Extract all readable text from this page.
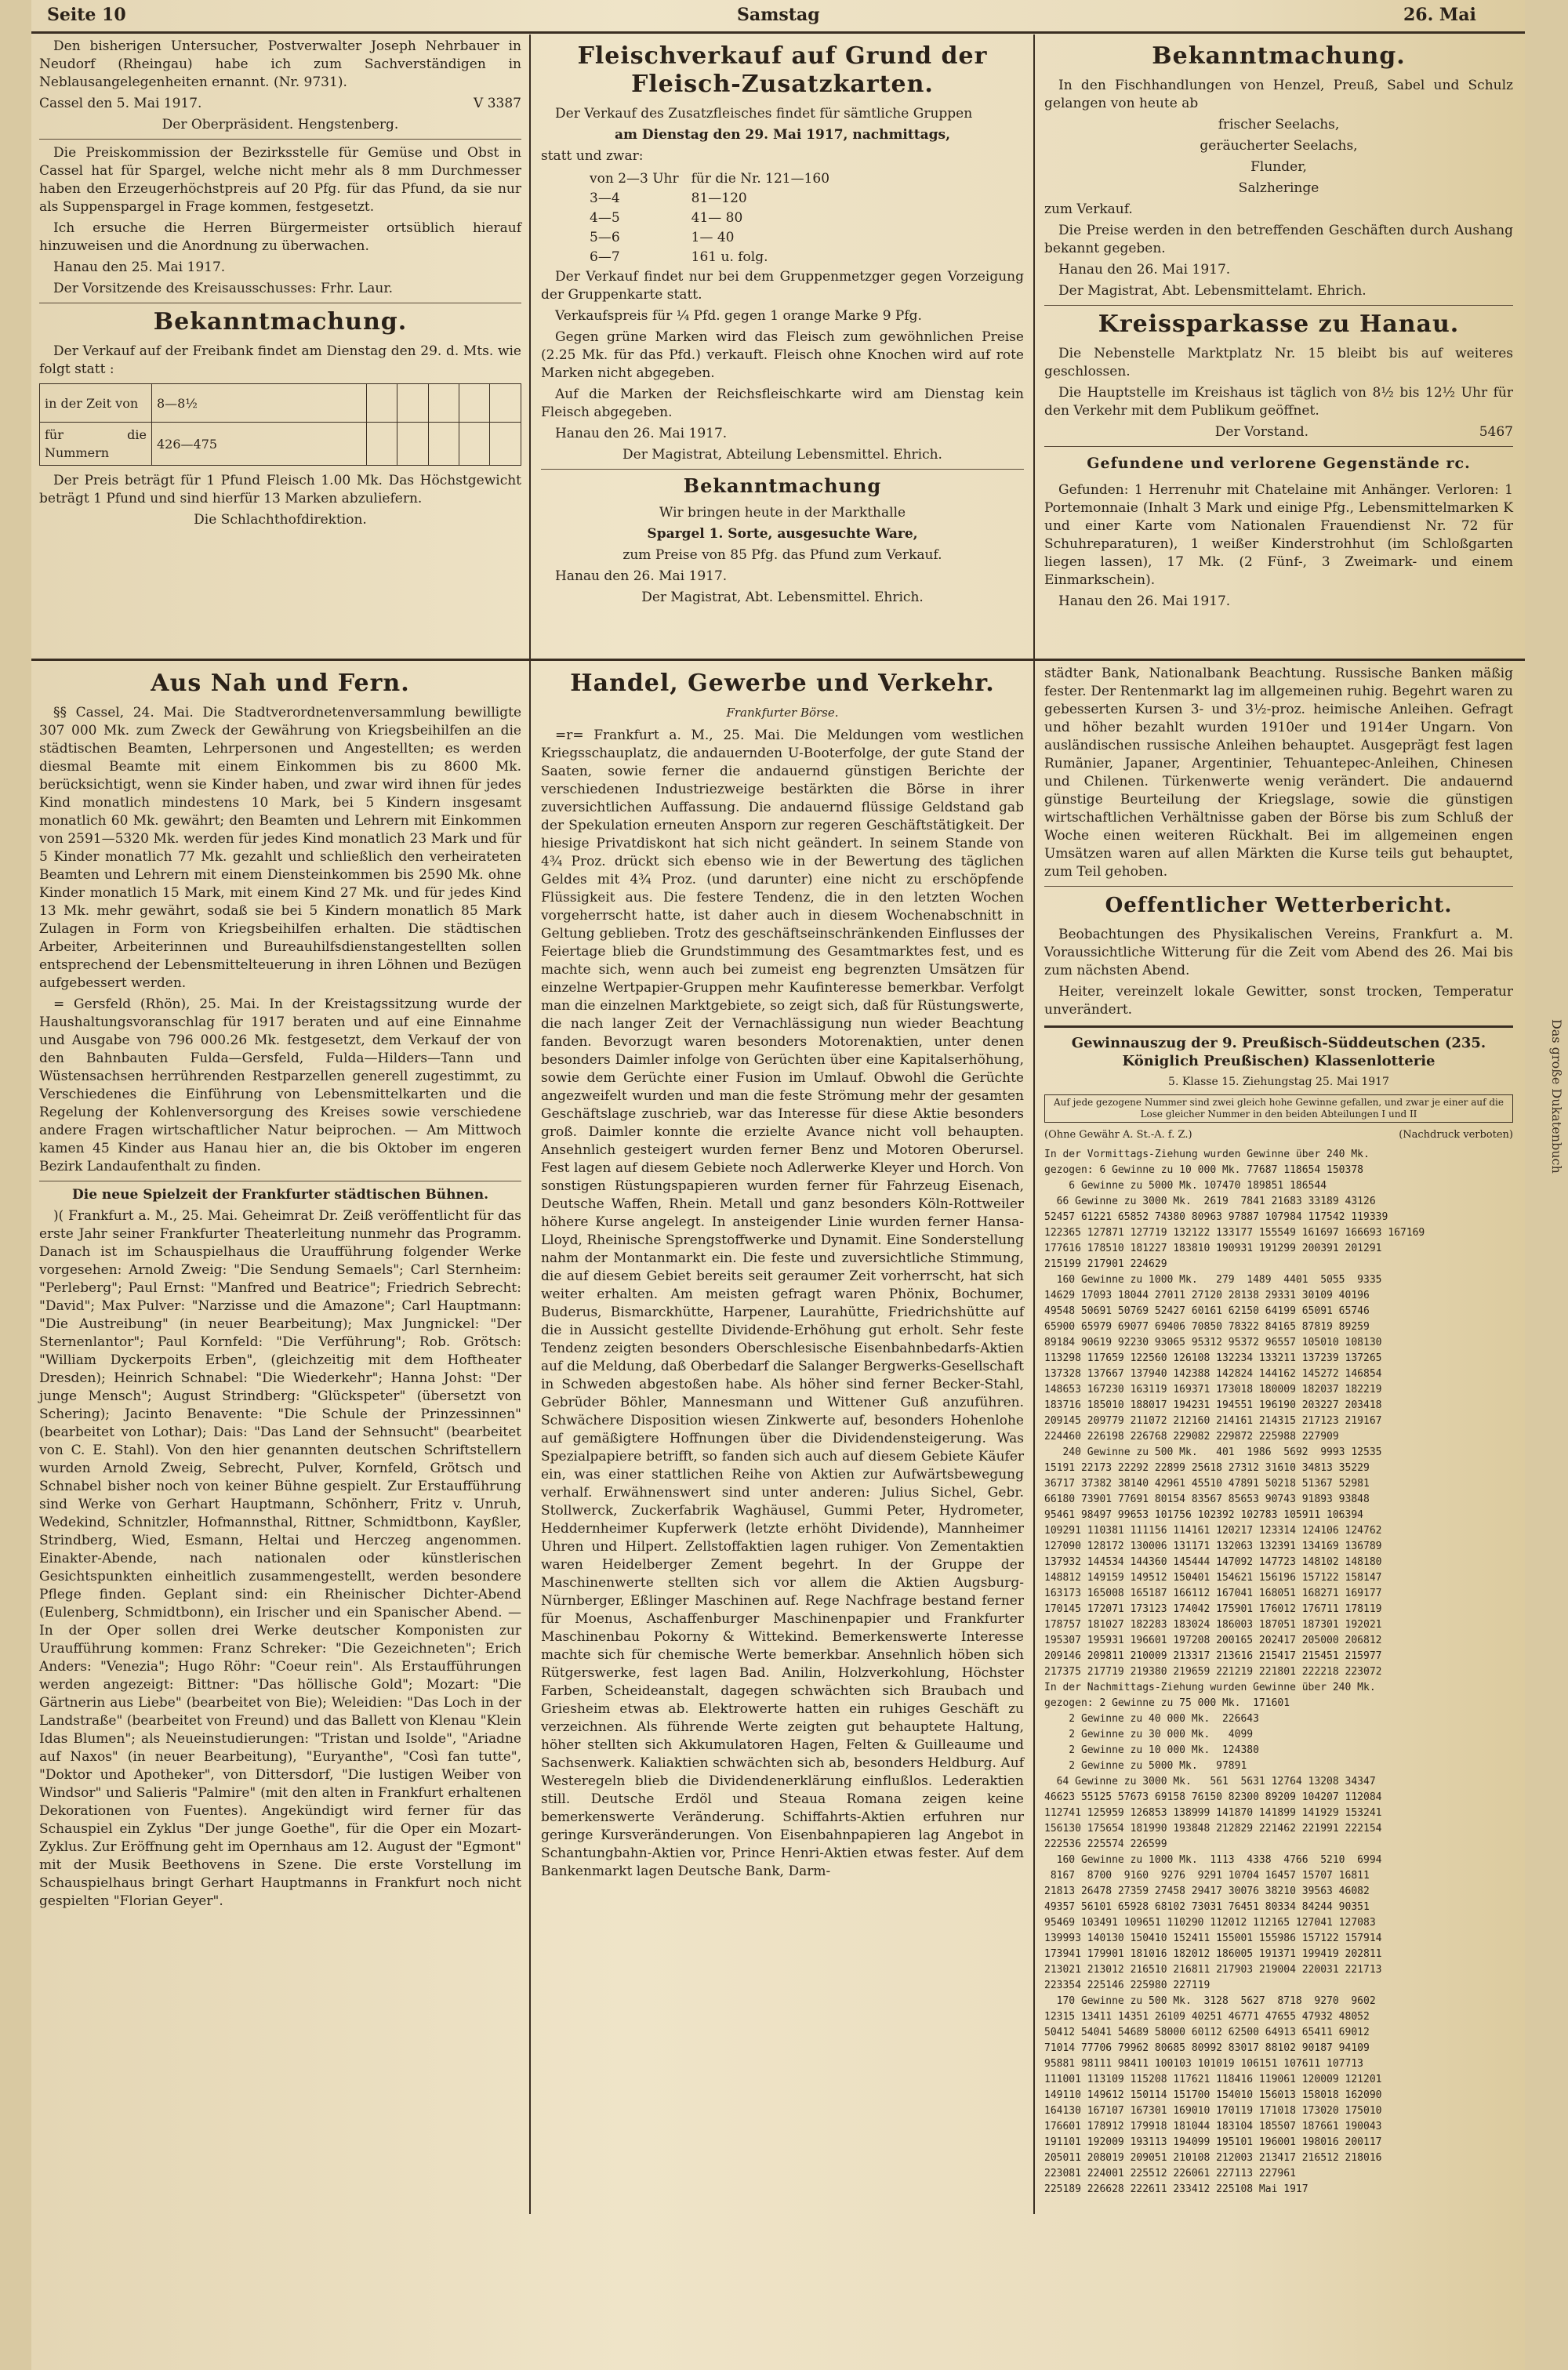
Seite 10	Samstag	26. Mai

Den bisherigen Untersucher, Postverwalter Joseph Nehrbauer in Neudorf (Rheingau) habe ich zum Sachverständigen in Neblausangelegenheiten ernannt. (Nr. 9731).

Cassel den 5. Mai 1917.	V 3387

Der Oberpräsident. Hengstenberg.

Die Preiskommission der Bezirksstelle für Gemüse und Obst in Cassel hat für Spargel, welche nicht mehr als 8 mm Durchmesser haben den Erzeugerhöchstpreis auf 20 Pfg. für das Pfund, da sie nur als Suppenspargel in Frage kommen, festgesetzt.

Ich ersuche die Herren Bürgermeister ortsüblich hierauf hinzuweisen und die Anordnung zu überwachen.

Hanau den 25. Mai 1917.

Der Vorsitzende des Kreisausschusses: Frhr. Laur.

Bekanntmachung.

Der Verkauf auf der Freibank findet am Dienstag den 29. d. Mts. wie folgt statt :

in der Zeit von	8—8½					
für die Nummern	426—475					

Der Preis beträgt für 1 Pfund Fleisch 1.00 Mk. Das Höchstgewicht beträgt 1 Pfund und sind hierfür 13 Marken abzuliefern.

Die Schlachthofdirektion.

Fleischverkauf auf Grund der Fleisch-Zusatzkarten.

Der Verkauf des Zusatzfleisches findet für sämtliche Gruppen

am Dienstag den 29. Mai 1917, nachmittags,

statt und zwar:

von 2—3 Uhr	für die Nr. 121—160
3—4	81—120
4—5	41— 80
5—6	1— 40
6—7	161 u. folg.

Der Verkauf findet nur bei dem Gruppenmetzger gegen Vorzeigung der Gruppenkarte statt.

Verkaufspreis für ¼ Pfd. gegen 1 orange Marke 9 Pfg.

Gegen grüne Marken wird das Fleisch zum gewöhnlichen Preise (2.25 Mk. für das Pfd.) verkauft. Fleisch ohne Knochen wird auf rote Marken nicht abgegeben.

Auf die Marken der Reichsfleischkarte wird am Dienstag kein Fleisch abgegeben.

Hanau den 26. Mai 1917.

Der Magistrat, Abteilung Lebensmittel. Ehrich.

Bekanntmachung

Wir bringen heute in der Markthalle

Spargel 1. Sorte, ausgesuchte Ware,

zum Preise von 85 Pfg. das Pfund zum Verkauf.

Hanau den 26. Mai 1917.

Der Magistrat, Abt. Lebensmittel. Ehrich.

Bekanntmachung.

In den Fischhandlungen von Henzel, Preuß, Sabel und Schulz gelangen von heute ab

frischer Seelachs,

geräucherter Seelachs,

Flunder,

Salzheringe

zum Verkauf.

Die Preise werden in den betreffenden Geschäften durch Aushang bekannt gegeben.

Hanau den 26. Mai 1917.

Der Magistrat, Abt. Lebensmittelamt. Ehrich.

Kreissparkasse zu Hanau.

Die Nebenstelle Marktplatz Nr. 15 bleibt bis auf weiteres geschlossen.

Die Hauptstelle im Kreishaus ist täglich von 8½ bis 12½ Uhr für den Verkehr mit dem Publikum geöffnet.

Der Vorstand.	5467

Gefundene und verlorene Gegenstände rc.

Gefunden: 1 Herrenuhr mit Chatelaine mit Anhänger. Verloren: 1 Portemonnaie (Inhalt 3 Mark und einige Pfg., Lebensmittelmarken K und einer Karte vom Nationalen Frauendienst Nr. 72 für Schuhreparaturen), 1 weißer Kinderstrohhut (im Schloßgarten liegen lassen), 17 Mk. (2 Fünf-, 3 Zweimark- und einem Einmarkschein).

Hanau den 26. Mai 1917.

Aus Nah und Fern.

§§ Cassel, 24. Mai. Die Stadtverordnetenversammlung bewilligte 307 000 Mk. zum Zweck der Gewährung von Kriegsbeihilfen an die städtischen Beamten, Lehrpersonen und Angestellten; es werden diesmal Beamte mit einem Einkommen bis zu 8600 Mk. berücksichtigt, wenn sie Kinder haben, und zwar wird ihnen für jedes Kind monatlich mindestens 10 Mark, bei 5 Kindern insgesamt monatlich 60 Mk. gewährt; den Beamten und Lehrern mit Einkommen von 2591—5320 Mk. werden für jedes Kind monatlich 23 Mark und für 5 Kinder monatlich 77 Mk. gezahlt und schließlich den verheirateten Beamten und Lehrern mit einem Diensteinkommen bis 2590 Mk. ohne Kinder monatlich 15 Mark, mit einem Kind 27 Mk. und für jedes Kind 13 Mk. mehr gewährt, sodaß sie bei 5 Kindern monatlich 85 Mark Zulagen in Form von Kriegsbeihilfen erhalten. Die städtischen Arbeiter, Arbeiterinnen und Bureauhilfsdienstangestellten sollen entsprechend der Lebensmittelteuerung in ihren Löhnen und Bezügen aufgebessert werden.

= Gersfeld (Rhön), 25. Mai. In der Kreistagssitzung wurde der Haushaltungsvoranschlag für 1917 beraten und auf eine Einnahme und Ausgabe von 796 000.26 Mk. festgesetzt, dem Verkauf der von den Bahnbauten Fulda—Gersfeld, Fulda—Hilders—Tann und Wüstensachsen herrührenden Restparzellen generell zugestimmt, zu Verschiedenes die Einführung von Lebensmittelkarten und die Regelung der Kohlenversorgung des Kreises sowie verschiedene andere Fragen wirtschaftlicher Natur beiprochen. — Am Mittwoch kamen 45 Kinder aus Hanau hier an, die bis Oktober im engeren Bezirk Landaufenthalt zu finden.

Die neue Spielzeit der Frankfurter städtischen Bühnen.

)( Frankfurt a. M., 25. Mai. Geheimrat Dr. Zeiß veröffentlicht für das erste Jahr seiner Frankfurter Theaterleitung nunmehr das Programm. Danach ist im Schauspielhaus die Uraufführung folgender Werke vorgesehen: Arnold Zweig: "Die Sendung Semaels"; Carl Sternheim: "Perleberg"; Paul Ernst: "Manfred und Beatrice"; Friedrich Sebrecht: "David"; Max Pulver: "Narzisse und die Amazone"; Carl Hauptmann: "Die Austreibung" (in neuer Bearbeitung); Max Jungnickel: "Der Sternenlantor"; Paul Kornfeld: "Die Verführung"; Rob. Grötsch: "William Dyckerpoits Erben", (gleichzeitig mit dem Hoftheater Dresden); Heinrich Schnabel: "Die Wiederkehr"; Hanna Johst: "Der junge Mensch"; August Strindberg: "Glückspeter" (übersetzt von Schering); Jacinto Benavente: "Die Schule der Prinzessinnen" (bearbeitet von Lothar); Dais: "Das Land der Sehnsucht" (bearbeitet von C. E. Stahl). Von den hier genannten deutschen Schriftstellern wurden Arnold Zweig, Sebrecht, Pulver, Kornfeld, Grötsch und Schnabel bisher noch von keiner Bühne gespielt. Zur Erstaufführung sind Werke von Gerhart Hauptmann, Schönherr, Fritz v. Unruh, Wedekind, Schnitzler, Hofmannsthal, Rittner, Schmidtbonn, Kayßler, Strindberg, Wied, Esmann, Heltai und Herczeg angenommen. Einakter-Abende, nach nationalen oder künstlerischen Gesichtspunkten einheitlich zusammengestellt, werden besondere Pflege finden. Geplant sind: ein Rheinischer Dichter-Abend (Eulenberg, Schmidtbonn), ein Irischer und ein Spanischer Abend. — In der Oper sollen drei Werke deutscher Komponisten zur Uraufführung kommen: Franz Schreker: "Die Gezeichneten"; Erich Anders: "Venezia"; Hugo Röhr: "Coeur rein". Als Erstaufführungen werden angezeigt: Bittner: "Das höllische Gold"; Mozart: "Die Gärtnerin aus Liebe" (bearbeitet von Bie); Weleidien: "Das Loch in der Landstraße" (bearbeitet von Freund) und das Ballett von Klenau "Klein Idas Blumen"; als Neueinstudierungen: "Tristan und Isolde", "Ariadne auf Naxos" (in neuer Bearbeitung), "Euryanthe", "Così fan tutte", "Doktor und Apotheker", von Dittersdorf, "Die lustigen Weiber von Windsor" und Salieris "Palmire" (mit den alten in Frankfurt erhaltenen Dekorationen von Fuentes). Angekündigt wird ferner für das Schauspiel ein Zyklus "Der junge Goethe", für die Oper ein Mozart-Zyklus. Zur Eröffnung geht im Opernhaus am 12. August der "Egmont" mit der Musik Beethovens in Szene. Die erste Vorstellung im Schauspielhaus bringt Gerhart Hauptmanns in Frankfurt noch nicht gespielten "Florian Geyer".

Handel, Gewerbe und Verkehr.
Frankfurter Börse.

=r= Frankfurt a. M., 25. Mai. Die Meldungen vom westlichen Kriegsschauplatz, die andauernden U-Booterfolge, der gute Stand der Saaten, sowie ferner die andauernd günstigen Berichte der verschiedenen Industriezweige bestärkten die Börse in ihrer zuversichtlichen Auffassung. Die andauernd flüssige Geldstand gab der Spekulation erneuten Ansporn zur regeren Geschäftstätigkeit. Der hiesige Privatdiskont hat sich nicht geändert. In seinem Stande von 4¾ Proz. drückt sich ebenso wie in der Bewertung des täglichen Geldes mit 4¾ Proz. (und darunter) eine nicht zu erschöpfende Flüssigkeit aus. Die festere Tendenz, die in den letzten Wochen vorgeherrscht hatte, ist daher auch in diesem Wochenabschnitt in Geltung geblieben. Trotz des geschäftseinschränkenden Einflusses der Feiertage blieb die Grundstimmung des Gesamtmarktes fest, und es machte sich, wenn auch bei zumeist eng begrenzten Umsätzen für einzelne Wertpapier-Gruppen mehr Kaufinteresse bemerkbar. Verfolgt man die einzelnen Marktgebiete, so zeigt sich, daß für Rüstungswerte, die nach langer Zeit der Vernachlässigung nun wieder Beachtung fanden. Bevorzugt waren besonders Motorenaktien, unter denen besonders Daimler infolge von Gerüchten über eine Kapitalserhöhung, sowie dem Gerüchte einer Fusion im Umlauf. Obwohl die Gerüchte angezweifelt wurden und man die feste Strömung mehr der gesamten Geschäftslage zuschrieb, war das Interesse für diese Aktie besonders groß. Daimler konnte die erzielte Avance nicht voll behaupten. Ansehnlich gesteigert wurden ferner Benz und Motoren Oberursel. Fest lagen auf diesem Gebiete noch Adlerwerke Kleyer und Horch. Von sonstigen Rüstungspapieren wurden ferner für Fahrzeug Eisenach, Deutsche Waffen, Rhein. Metall und ganz besonders Köln-Rottweiler höhere Kurse angelegt. In ansteigender Linie wurden ferner Hansa-Lloyd, Rheinische Sprengstoffwerke und Dynamit. Eine Sonderstellung nahm der Montanmarkt ein. Die feste und zuversichtliche Stimmung, die auf diesem Gebiet bereits seit geraumer Zeit vorherrscht, hat sich weiter erhalten. Am meisten gefragt waren Phönix, Bochumer, Buderus, Bismarckhütte, Harpener, Laurahütte, Friedrichshütte auf die in Aussicht gestellte Dividende-Erhöhung gut erholt. Sehr feste Tendenz zeigten besonders Oberschlesische Eisenbahnbedarfs-Aktien auf die Meldung, daß Oberbedarf die Salanger Bergwerks-Gesellschaft in Schweden abgestoßen habe. Als höher sind ferner Becker-Stahl, Gebrüder Böhler, Mannesmann und Wittener Guß anzuführen. Schwächere Disposition wiesen Zinkwerte auf, besonders Hohenlohe auf gemäßigtere Hoffnungen über die Dividendensteigerung. Was Spezialpapiere betrifft, so fanden sich auch auf diesem Gebiete Käufer ein, was einer stattlichen Reihe von Aktien zur Aufwärtsbewegung verhalf. Erwähnenswert sind unter anderen: Julius Sichel, Gebr. Stollwerck, Zuckerfabrik Waghäusel, Gummi Peter, Hydrometer, Heddernheimer Kupferwerk (letzte erhöht Dividende), Mannheimer Uhren und Hilpert. Zellstoffaktien lagen ruhiger. Von Zementaktien waren Heidelberger Zement begehrt. In der Gruppe der Maschinenwerte stellten sich vor allem die Aktien Augsburg-Nürnberger, Eßlinger Maschinen auf. Rege Nachfrage bestand ferner für Moenus, Aschaffenburger Maschinenpapier und Frankfurter Maschinenbau Pokorny & Wittekind. Bemerkenswerte Interesse machte sich für chemische Werte bemerkbar. Ansehnlich höben sich Rütgerswerke, fest lagen Bad. Anilin, Holzverkohlung, Höchster Farben, Scheideanstalt, dagegen schwächten sich Braubach und Griesheim etwas ab. Elektrowerte hatten ein ruhiges Geschäft zu verzeichnen. Als führende Werte zeigten gut behauptete Haltung, höher stellten sich Akkumulatoren Hagen, Felten & Guilleaume und Sachsenwerk. Kaliaktien schwächten sich ab, besonders Heldburg. Auf Westeregeln blieb die Dividendenerklärung einflußlos. Lederaktien still. Deutsche Erdöl und Steaua Romana zeigen keine bemerkenswerte Veränderung. Schiffahrts-Aktien erfuhren nur geringe Kursveränderungen. Von Eisenbahnpapieren lag Angebot in Schantungbahn-Aktien vor, Prince Henri-Aktien etwas fester. Auf dem Bankenmarkt lagen Deutsche Bank, Darm-

städter Bank, Nationalbank Beachtung. Russische Banken mäßig fester. Der Rentenmarkt lag im allgemeinen ruhig. Begehrt waren zu gebesserten Kursen 3- und 3½-proz. heimische Anleihen. Gefragt und höher bezahlt wurden 1910er und 1914er Ungarn. Von ausländischen russische Anleihen behauptet. Ausgeprägt fest lagen Rumänier, Japaner, Argentinier, Tehuantepec-Anleihen, Chinesen und Chilenen. Türkenwerte wenig verändert. Die andauernd günstige Beurteilung der Kriegslage, sowie die günstigen wirtschaftlichen Verhältnisse gaben der Börse bis zum Schluß der Woche einen weiteren Rückhalt. Bei im allgemeinen engen Umsätzen waren auf allen Märkten die Kurse teils gut behauptet, zum Teil gehoben.

Oeffentlicher Wetterbericht.

Beobachtungen des Physikalischen Vereins, Frankfurt a. M. Voraussichtliche Witterung für die Zeit vom Abend des 26. Mai bis zum nächsten Abend.

Heiter, vereinzelt lokale Gewitter, sonst trocken, Temperatur unverändert.

Gewinnauszug der 9. Preußisch-Süddeutschen (235. Königlich Preußischen) Klassenlotterie

5. Klasse 15. Ziehungstag 25. Mai 1917

Auf jede gezogene Nummer sind zwei gleich hohe Gewinne gefallen, und zwar je einer auf die Lose gleicher Nummer in den beiden Abteilungen I und II

(Ohne Gewähr A. St.-A. f. Z.)	(Nachdruck verboten)

In der Vormittags-Ziehung wurden Gewinne über 240 Mk.
gezogen: 6 Gewinne zu 10 000 Mk. 77687 118654 150378
6 Gewinne zu 5000 Mk. 107470 189851 186544
66 Gewinne zu 3000 Mk.  2619  7841 21683 33189 43126
52457 61221 65852 74380 80963 97887 107984 117542 119339
122365 127871 127719 132122 133177 155549 161697 166693 167169
177616 178510 181227 183810 190931 191299 200391 201291
215199 217901 224629
160 Gewinne zu 1000 Mk.   279  1489  4401  5055  9335
14629 17093 18044 27011 27120 28138 29331 30109 40196
49548 50691 50769 52427 60161 62150 64199 65091 65746
65900 65979 69077 69406 70850 78322 84165 87819 89259
89184 90619 92230 93065 95312 95372 96557 105010 108130
113298 117659 122560 126108 132234 133211 137239 137265
137328 137667 137940 142388 142824 144162 145272 146854
148653 167230 163119 169371 173018 180009 182037 182219
183716 185010 188017 194231 194551 196190 203227 203418
209145 209779 211072 212160 214161 214315 217123 219167
224460 226198 226768 229082 229872 225988 227909
240 Gewinne zu 500 Mk.   401  1986  5692  9993 12535
15191 22173 22292 22899 25618 27312 31610 34813 35229
36717 37382 38140 42961 45510 47891 50218 51367 52981
66180 73901 77691 80154 83567 85653 90743 91893 93848
95461 98497 99653 101756 102392 102783 105911 106394
109291 110381 111156 114161 120217 123314 124106 124762
127090 128172 130006 131171 132063 132391 134169 136789
137932 144534 144360 145444 147092 147723 148102 148180
148812 149159 149512 150401 154621 156196 157122 158147
163173 165008 165187 166112 167041 168051 168271 169177
170145 172071 173123 174042 175901 176012 176711 178119
178757 181027 182283 183024 186003 187051 187301 192021
195307 195931 196601 197208 200165 202417 205000 206812
209146 209811 210009 213317 213616 215417 215451 215977
217375 217719 219380 219659 221219 221801 222218 223072
In der Nachmittags-Ziehung wurden Gewinne über 240 Mk.
gezogen: 2 Gewinne zu 75 000 Mk.  171601
2 Gewinne zu 40 000 Mk.  226643
2 Gewinne zu 30 000 Mk.   4099
2 Gewinne zu 10 000 Mk.  124380
2 Gewinne zu 5000 Mk.   97891
64 Gewinne zu 3000 Mk.   561  5631 12764 13208 34347
46623 55125 57673 69158 76150 82300 89209 104207 112084
112741 125959 126853 138999 141870 141899 141929 153241
156130 175654 181990 193848 212829 221462 221991 222154
222536 225574 226599
160 Gewinne zu 1000 Mk.  1113  4338  4766  5210  6994
8167  8700  9160  9276  9291 10704 16457 15707 16811
21813 26478 27359 27458 29417 30076 38210 39563 46082
49357 56101 65928 68102 73031 76451 80334 84244 90351
95469 103491 109651 110290 112012 112165 127041 127083
139993 140130 150410 152411 155001 155986 157122 157914
173941 179901 181016 182012 186005 191371 199419 202811
213021 213012 216510 216811 217903 219004 220031 221713
223354 225146 225980 227119
170 Gewinne zu 500 Mk.  3128  5627  8718  9270  9602
12315 13411 14351 26109 40251 46771 47655 47932 48052
50412 54041 54689 58000 60112 62500 64913 65411 69012
71014 77706 79962 80685 80992 83017 88102 90187 94109
95881 98111 98411 100103 101019 106151 107611 107713
111001 113109 115208 117621 118416 119061 120009 121201
149110 149612 150114 151700 154010 156013 158018 162090
164130 167107 167301 169010 170119 171018 173020 175010
176601 178912 179918 181044 183104 185507 187661 190043
191101 192009 193113 194099 195101 196001 198016 200117
205011 208019 209051 210108 212003 213417 216512 218016
223081 224001 225512 226061 227113 227961
225189 226628 222611 233412 225108 Mai 1917
Das große Dukatenbuch
